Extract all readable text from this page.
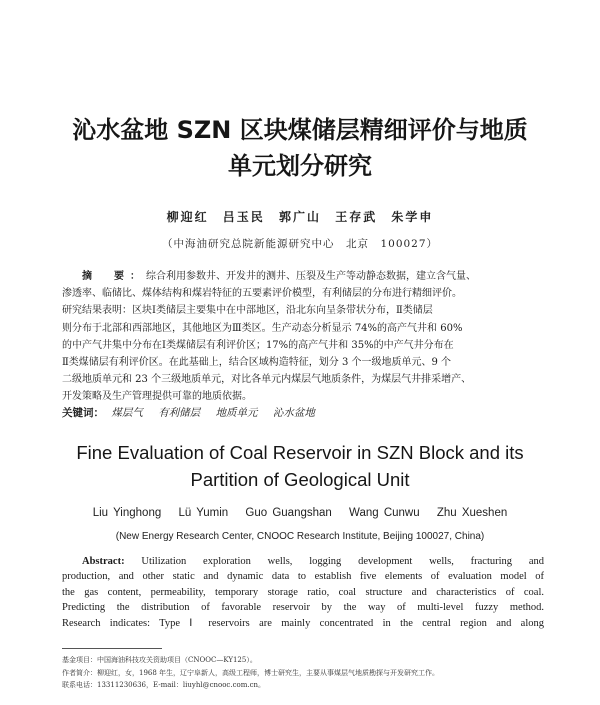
沁水盆地 SZN 区块煤储层精细评价与地质
单元划分研究
柳迎红 吕玉民 郭广山 王存武 朱学申
（中海油研究总院新能源研究中心　北京　100027）
摘　要：综合利用参数井、开发井的测井、压裂及生产等动静态数据，建立含气量、
渗透率、临储比、煤体结构和煤岩特征的五要素评价模型，有利储层的分布进行精细评价。
研究结果表明：区块Ⅰ类储层主要集中在中部地区，沿北东向呈条带状分布，Ⅱ类储层
则分布于北部和西部地区，其他地区为Ⅲ类区。生产动态分析显示 74%的高产气井和 60%
的中产气井集中分布在Ⅰ类煤储层有利评价区；17%的高产气井和 35%的中产气井分布在
Ⅱ类煤储层有利评价区。在此基础上，结合区域构造特征，划分 3 个一级地质单元、9 个
二级地质单元和 23 个三级地质单元，对比各单元内煤层气地质条件，为煤层气井排采增产、
开发策略及生产管理提供可靠的地质依据。
关键词： 煤层气 有利储层 地质单元 沁水盆地
Fine Evaluation of Coal Reservoir in SZN Block and its
Partition of Geological Unit
Liu Yinghong Lü Yumin Guo Guangshan Wang Cunwu Zhu Xueshen
(New Energy Research Center, CNOOC Research Institute, Beijing 100027, China)
Abstract: Utilization exploration wells, logging development wells, fracturing and
production, and other static and dynamic data to establish five elements of evaluation model of
the gas content, permeability, temporary storage ratio, coal structure and characteristics of coal.
Predicting the distribution of favorable reservoir by the way of multi-level fuzzy method.
Research indicates: Type Ⅰ reservoirs are mainly concentrated in the central region and along
基金项目：中国海油科技攻关资助项目（CNOOC—KY125）。
作者简介：柳迎红，女，1968 年生，辽宁阜新人，高级工程师，博士研究生，主要从事煤层气地质勘探与开发研究工作。
联系电话：13311230636，E-mail：liuyhl@cnooc.com.cn。
